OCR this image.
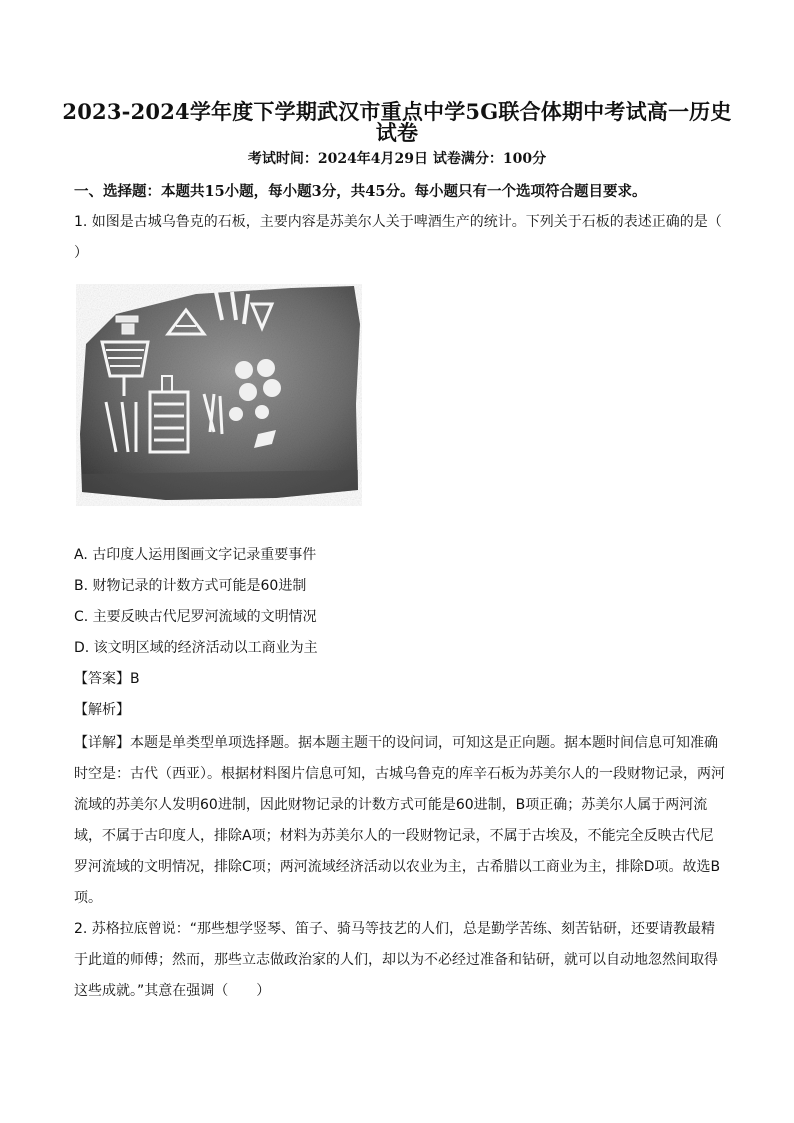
2023-2024学年度下学期武汉市重点中学5G联合体期中考试高一历史
试卷
考试时间：2024年4月29日 试卷满分：100分
一、选择题：本题共15小题，每小题3分，共45分。每小题只有一个选项符合题目要求。
1. 如图是古城乌鲁克的石板，主要内容是苏美尔人关于啤酒生产的统计。下列关于石板的表述正确的是（　　）
A. 古印度人运用图画文字记录重要事件
B. 财物记录的计数方式可能是60进制
C. 主要反映古代尼罗河流域的文明情况
D. 该文明区域的经济活动以工商业为主
【答案】B
【解析】
【详解】本题是单类型单项选择题。据本题主题干的设问词，可知这是正向题。据本题时间信息可知准确时空是：古代（西亚）。根据材料图片信息可知，古城乌鲁克的库辛石板为苏美尔人的一段财物记录，两河流域的苏美尔人发明60进制，因此财物记录的计数方式可能是60进制，B项正确；苏美尔人属于两河流域，不属于古印度人，排除A项；材料为苏美尔人的一段财物记录，不属于古埃及，不能完全反映古代尼罗河流域的文明情况，排除C项；两河流域经济活动以农业为主，古希腊以工商业为主，排除D项。故选B项。
2. 苏格拉底曾说：“那些想学竖琴、笛子、骑马等技艺的人们，总是勤学苦练、刻苦钻研，还要请教最精于此道的师傅；然而，那些立志做政治家的人们，却以为不必经过准备和钻研，就可以自动地忽然间取得这些成就。”其意在强调（　　）
